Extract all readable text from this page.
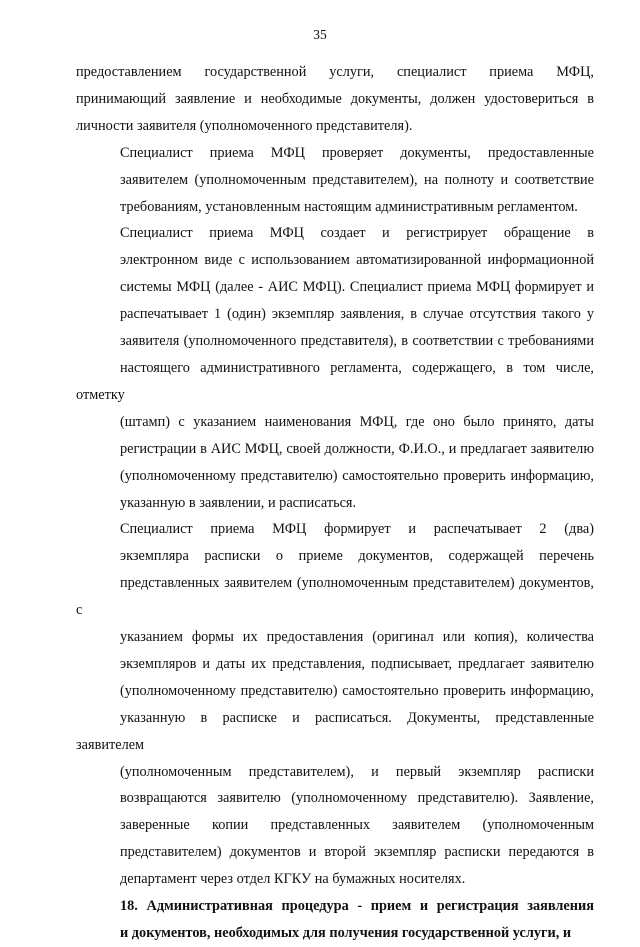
35

предоставлением государственной услуги, специалист приема МФЦ,
принимающий заявление и необходимые документы, должен удостовериться в
личности заявителя (уполномоченного представителя).

Специалист приема МФЦ проверяет документы, предоставленные
заявителем (уполномоченным представителем), на полноту и соответствие
требованиям, установленным настоящим административным регламентом.

Специалист приема МФЦ создает и регистрирует обращение в
электронном виде с использованием автоматизированной информационной
системы МФЦ (далее - АИС МФЦ). Специалист приема МФЦ формирует и
распечатывает 1 (один) экземпляр заявления, в случае отсутствия такого у
заявителя (уполномоченного представителя), в соответствии с требованиями
настоящего административного регламента, содержащего, в том числе, отметку
(штамп) с указанием наименования МФЦ, где оно было принято, даты
регистрации в АИС МФЦ, своей должности, Ф.И.О., и предлагает заявителю
(уполномоченному представителю) самостоятельно проверить информацию,
указанную в заявлении, и расписаться.

Специалист приема МФЦ формирует и распечатывает 2 (два)
экземпляра расписки о приеме документов, содержащей перечень
представленных заявителем (уполномоченным представителем) документов, с
указанием формы их предоставления (оригинал или копия), количества
экземпляров и даты их представления, подписывает, предлагает заявителю
(уполномоченному представителю) самостоятельно проверить информацию,
указанную в расписке и расписаться. Документы, представленные заявителем
(уполномоченным представителем), и первый экземпляр расписки
возвращаются заявителю (уполномоченному представителю). Заявление,
заверенные копии представленных заявителем (уполномоченным
представителем) документов и второй экземпляр расписки передаются в
департамент через отдел КГКУ на бумажных носителях.

18. Административная процедура - прием и регистрация заявления
и документов, необходимых для получения государственной услуги, и
